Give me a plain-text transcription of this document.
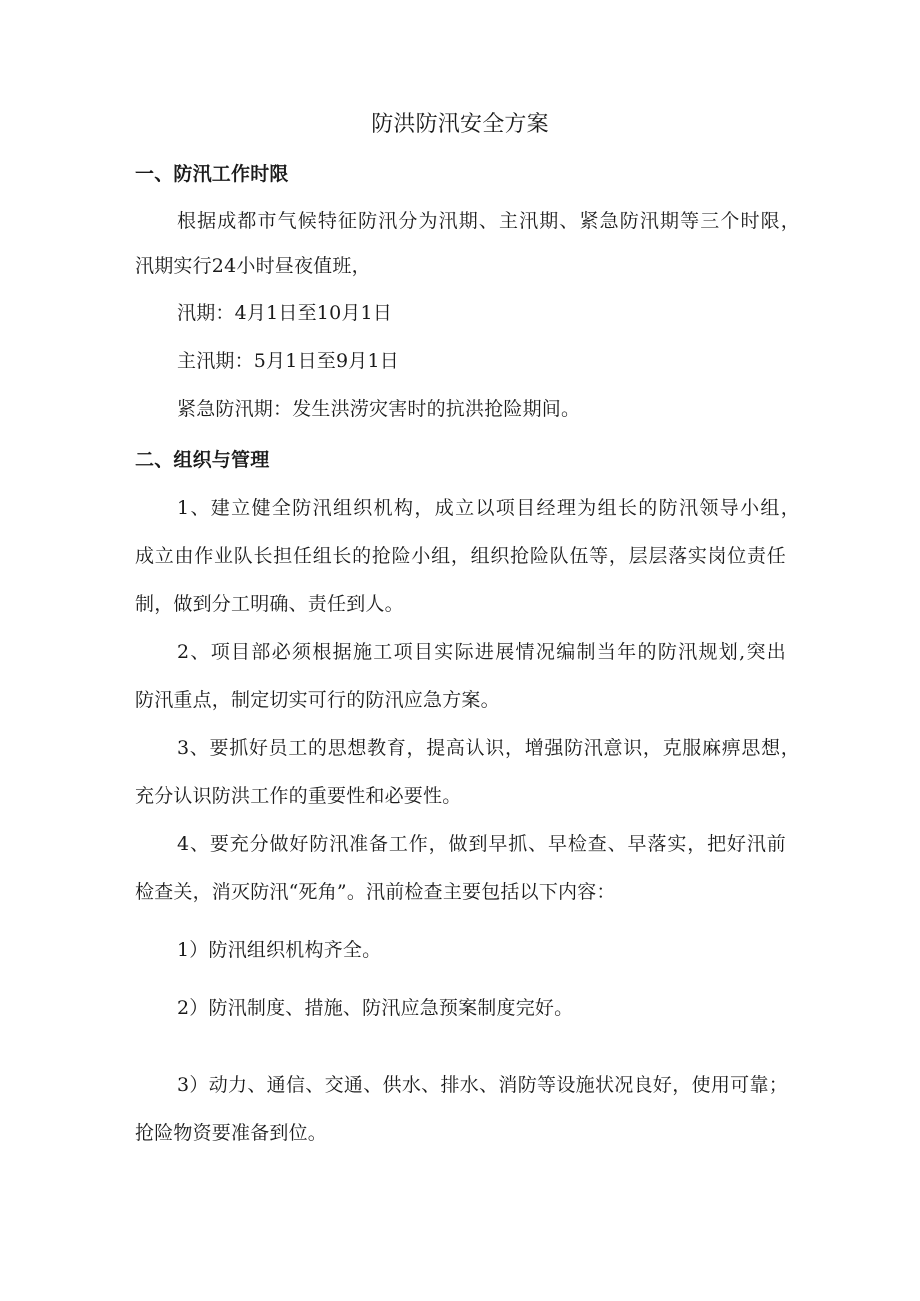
防洪防汛安全方案
一、防汛工作时限
根据成都市气候特征防汛分为汛期、主汛期、紧急防汛期等三个时限，
汛期实行24小时昼夜值班，
汛期：4月1日至10月1日
主汛期：5月1日至9月1日
紧急防汛期：发生洪涝灾害时的抗洪抢险期间。
二、组织与管理
1、建立健全防汛组织机构，成立以项目经理为组长的防汛领导小组，
成立由作业队长担任组长的抢险小组，组织抢险队伍等，层层落实岗位责任
制，做到分工明确、责任到人。
2、项目部必须根据施工项目实际进展情况编制当年的防汛规划,突出
防汛重点，制定切实可行的防汛应急方案。
3、要抓好员工的思想教育，提高认识，增强防汛意识，克服麻痹思想，
充分认识防洪工作的重要性和必要性。
4、要充分做好防汛准备工作，做到早抓、早检查、早落实，把好汛前
检查关，消灭防汛“死角”。汛前检查主要包括以下内容：
1）防汛组织机构齐全。
2）防汛制度、措施、防汛应急预案制度完好。
3）动力、通信、交通、供水、排水、消防等设施状况良好，使用可靠；
抢险物资要准备到位。
